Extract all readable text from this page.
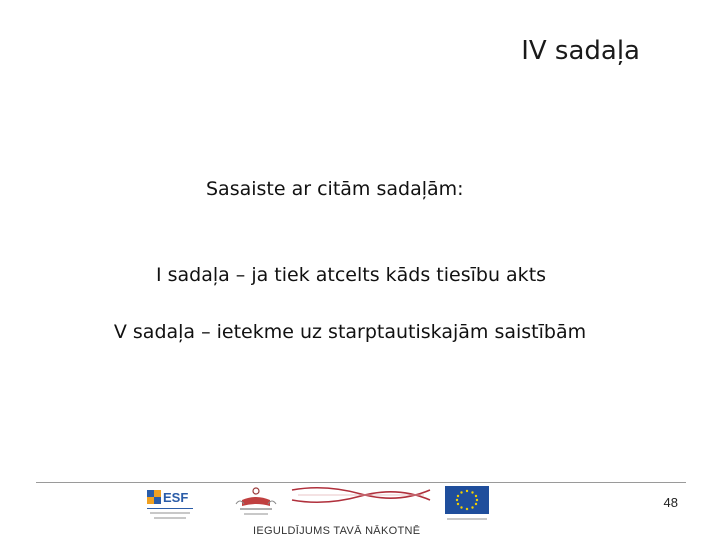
IV sadaļa
Sasaiste ar citām sadaļām:
I sadaļa – ja tiek atcelts kāds tiesību akts
V sadaļa – ietekme uz starptautiskajām saistībām
ESF
IEGULDĪJUMS TAVĀ NĀKOTNĒ
48
